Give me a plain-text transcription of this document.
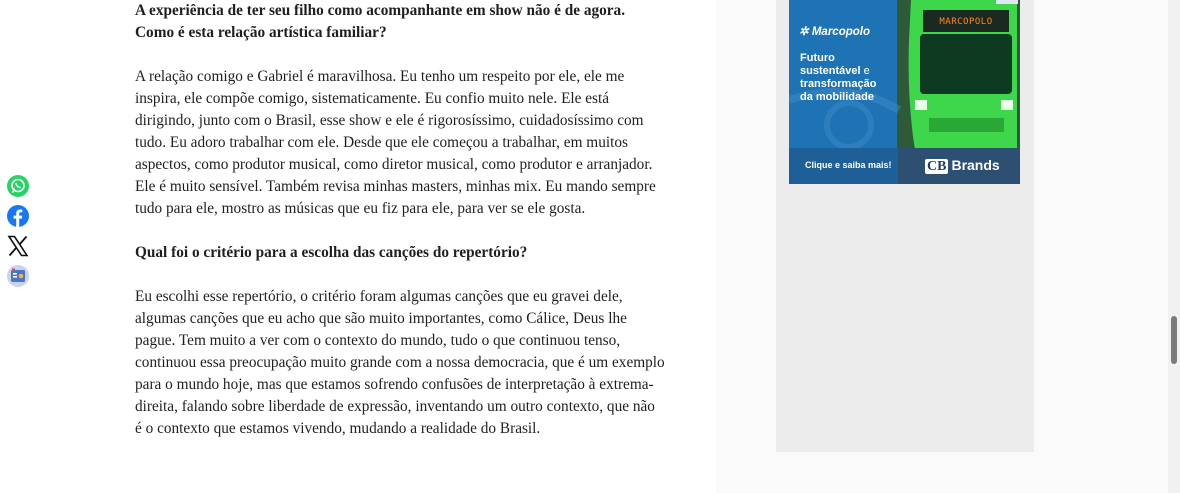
A experiência de ter seu filho como acompanhante em show não é de agora. Como é esta relação artística familiar?

A relação comigo e Gabriel é maravilhosa. Eu tenho um respeito por ele, ele me inspira, ele compõe comigo, sistematicamente. Eu confio muito nele. Ele está dirigindo, junto com o Brasil, esse show e ele é rigorosíssimo, cuidadosíssimo com tudo. Eu adoro trabalhar com ele. Desde que ele começou a trabalhar, em muitos aspectos, como produtor musical, como diretor musical, como produtor e arranjador. Ele é muito sensível. Também revisa minhas masters, minhas mix. Eu mando sempre tudo para ele, mostro as músicas que eu fiz para ele, para ver se ele gosta.

Qual foi o critério para a escolha das canções do repertório?

Eu escolhi esse repertório, o critério foram algumas canções que eu gravei dele, algumas canções que eu acho que são muito importantes, como Cálice, Deus lhe pague. Tem muito a ver com o contexto do mundo, tudo o que continuou tenso, continuou essa preocupação muito grande com a nossa democracia, que é um exemplo para o mundo hoje, mas que estamos sofrendo confusões de interpretação à extrema-direita, falando sobre liberdade de expressão, inventando um outro contexto, que não é o contexto que estamos vivendo, mudando a realidade do Brasil.

MARCOPOLO
✲ Marcopolo
Futuro
sustentável e
transformação
da mobilidade
Clique e saiba mais!	CB Brands
